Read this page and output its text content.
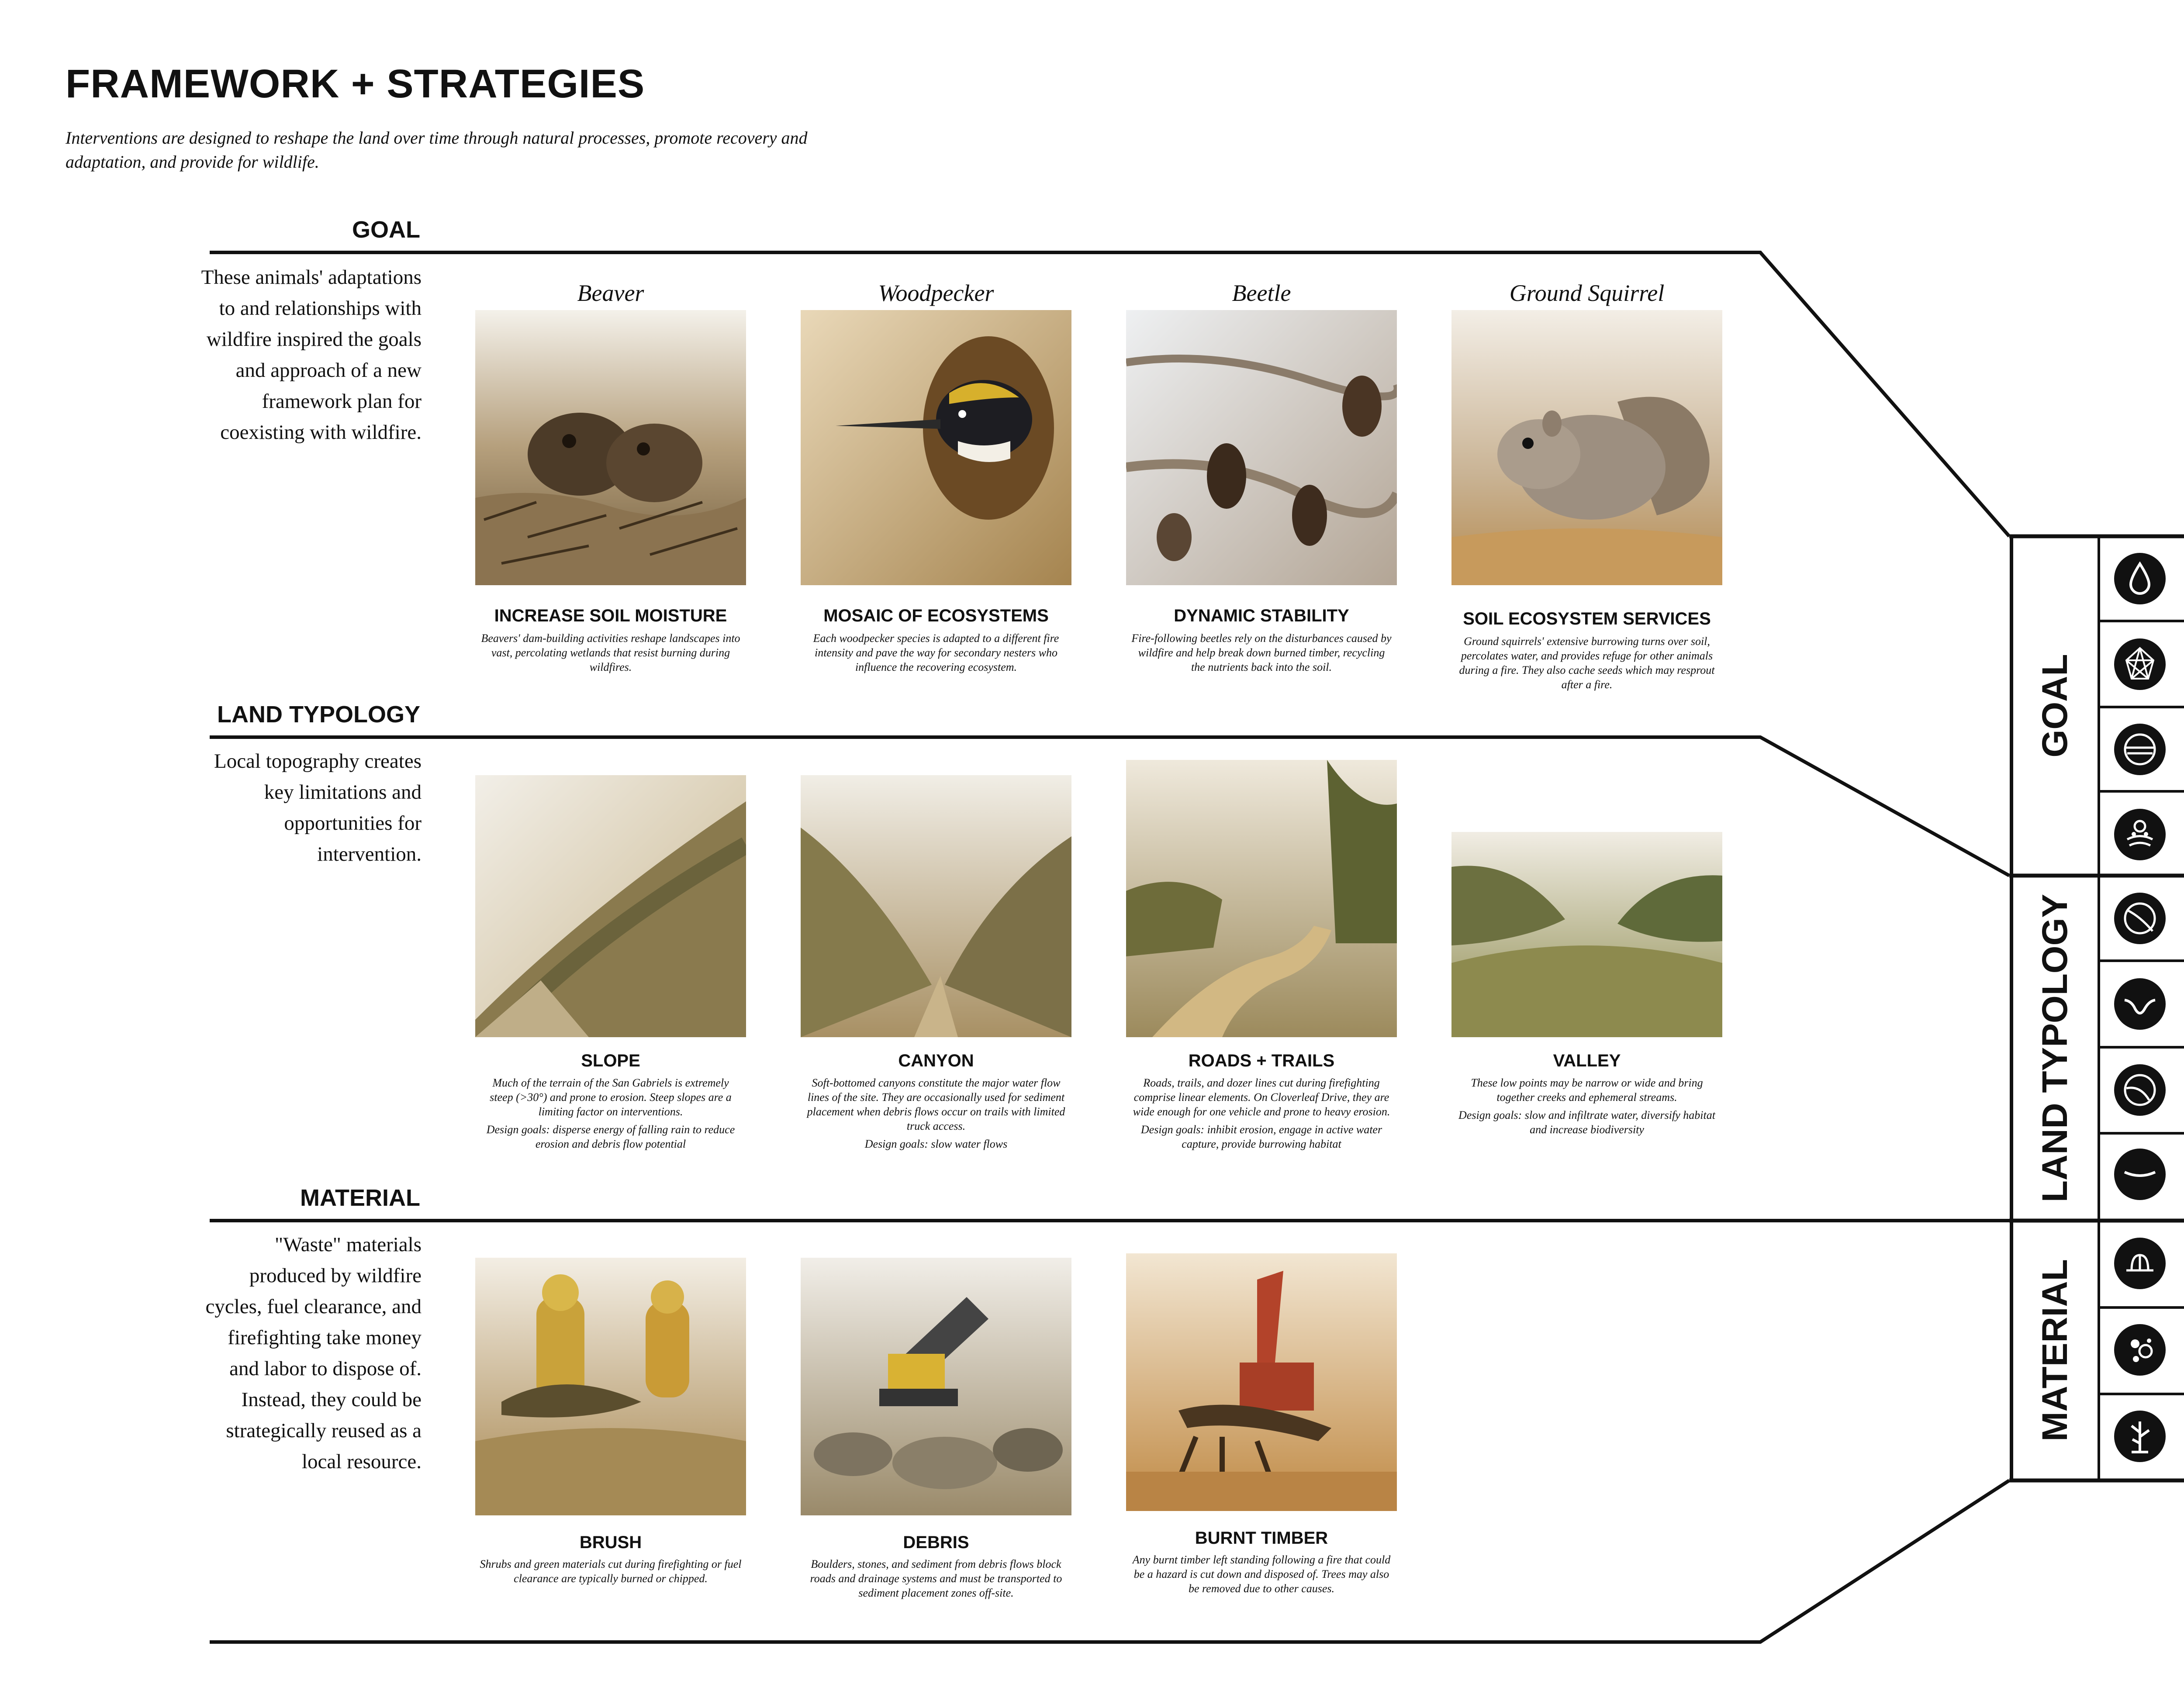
FRAMEWORK + STRATEGIES
Interventions are designed to reshape the land over time through natural processes, promote recovery and adaptation, and provide for wildlife.
GOAL
These animals' adaptations to and relationships with wildfire inspired the goals and approach of a new framework plan for coexisting with wildfire.
Beaver	Woodpecker	Beetle	Ground Squirrel
INCREASE SOIL MOISTURE	MOSAIC OF ECOSYSTEMS	DYNAMIC STABILITY	SOIL ECOSYSTEM SERVICES
Beavers' dam-building activities reshape landscapes into vast, percolating wetlands that resist burning during wildfires.
Each woodpecker species is adapted to a different fire intensity and pave the way for secondary nesters who influence the recovering ecosystem.
Fire-following beetles rely on the disturbances caused by wildfire and help break down burned timber, recycling the nutrients back into the soil.
Ground squirrels' extensive burrowing turns over soil, percolates water, and provides refuge for other animals during a fire. They also cache seeds which may resprout after a fire.
LAND TYPOLOGY
Local topography creates key limitations and opportunities for intervention.
SLOPE	CANYON	ROADS + TRAILS	VALLEY

Much of the terrain of the San Gabriels is extremely steep (>30°) and prone to erosion. Steep slopes are a limiting factor on interventions.

Design goals: disperse energy of falling rain to reduce erosion and debris flow potential

Soft-bottomed canyons constitute the major water flow lines of the site. They are occasionally used for sediment placement when debris flows occur on trails with limited truck access.

Design goals: slow water flows

Roads, trails, and dozer lines cut during firefighting comprise linear elements. On Cloverleaf Drive, they are wide enough for one vehicle and prone to heavy erosion.

Design goals: inhibit erosion, engage in active water capture, provide burrowing habitat

These low points may be narrow or wide and bring together creeks and ephemeral streams.

Design goals: slow and infiltrate water, diversify habitat and increase biodiversity

MATERIAL
"Waste" materials produced by wildfire cycles, fuel clearance, and firefighting take money and labor to dispose of. Instead, they could be strategically reused as a local resource.
BRUSH	DEBRIS	BURNT TIMBER
Shrubs and green materials cut during firefighting or fuel clearance are typically burned or chipped.
Boulders, stones, and sediment from debris flows block roads and drainage systems and must be transported to sediment placement zones off-site.
Any burnt timber left standing following a fire that could be a hazard is cut down and disposed of. Trees may also be removed due to other causes.
GOAL
LAND TYPOLOGY
MATERIAL
